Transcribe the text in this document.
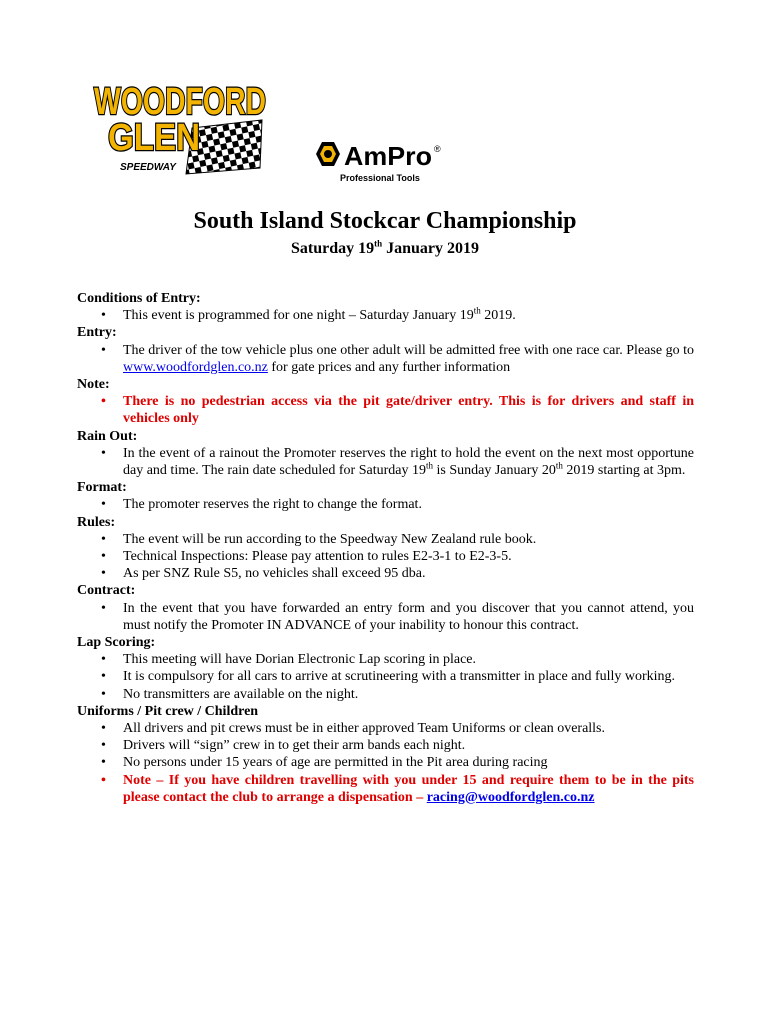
WOODFORD
GLEN
SPEEDWAY	AmPro ®
Professional Tools
South Island Stockcar Championship
Saturday 19th January 2019

Conditions of Entry:

• This event is programmed for one night – Saturday January 19th 2019.

Entry:

• The driver of the tow vehicle plus one other adult will be admitted free with one race car. Please go to www.woodfordglen.co.nz for gate prices and any further information

Note:

• There is no pedestrian access via the pit gate/driver entry. This is for drivers and staff in vehicles only

Rain Out:

• In the event of a rainout the Promoter reserves the right to hold the event on the next most opportune day and time. The rain date scheduled for Saturday 19th is Sunday January 20th 2019 starting at 3pm.

Format:

• The promoter reserves the right to change the format.

Rules:

• The event will be run according to the Speedway New Zealand rule book.
• Technical Inspections: Please pay attention to rules E2-3-1 to E2-3-5.
• As per SNZ Rule S5, no vehicles shall exceed 95 dba.

Contract:

• In the event that you have forwarded an entry form and you discover that you cannot attend, you must notify the Promoter IN ADVANCE of your inability to honour this contract.

Lap Scoring:

• This meeting will have Dorian Electronic Lap scoring in place.
• It is compulsory for all cars to arrive at scrutineering with a transmitter in place and fully working.
• No transmitters are available on the night.

Uniforms / Pit crew / Children

• All drivers and pit crews must be in either approved Team Uniforms or clean overalls.
• Drivers will “sign” crew in to get their arm bands each night.
• No persons under 15 years of age are permitted in the Pit area during racing
• Note – If you have children travelling with you under 15 and require them to be in the pits please contact the club to arrange a dispensation – racing@woodfordglen.co.nz
